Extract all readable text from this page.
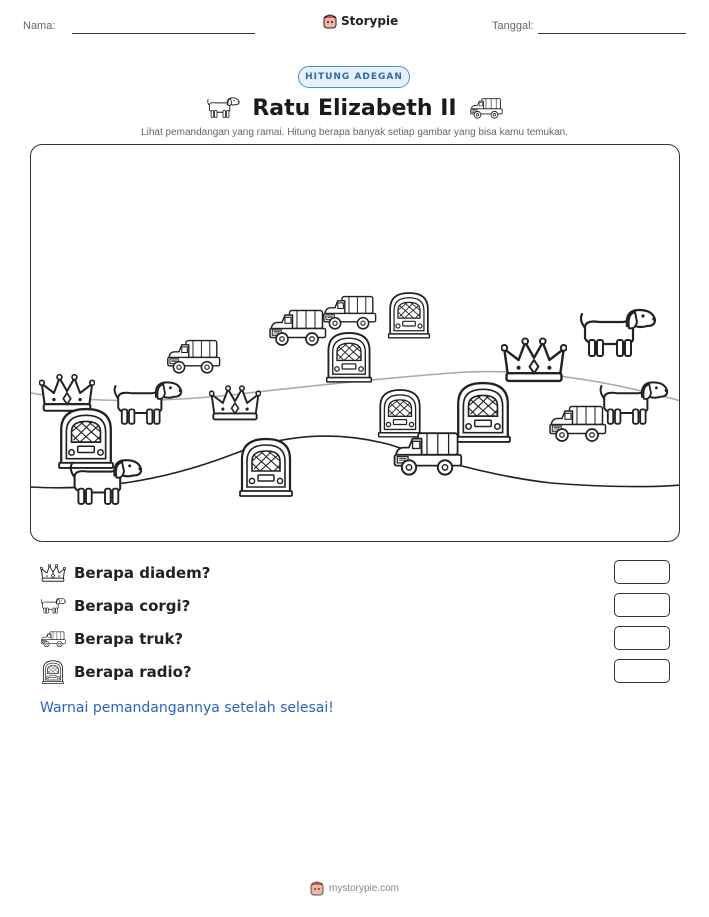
Nama:	Storypie	Tanggal:
HITUNG ADEGAN
Ratu Elizabeth II
Lihat pemandangan yang ramai. Hitung berapa banyak setiap gambar yang bisa kamu temukan.
Berapa diadem?
Berapa corgi?
Berapa truk?
Berapa radio?
Warnai pemandangannya setelah selesai!
mystorypie.com
